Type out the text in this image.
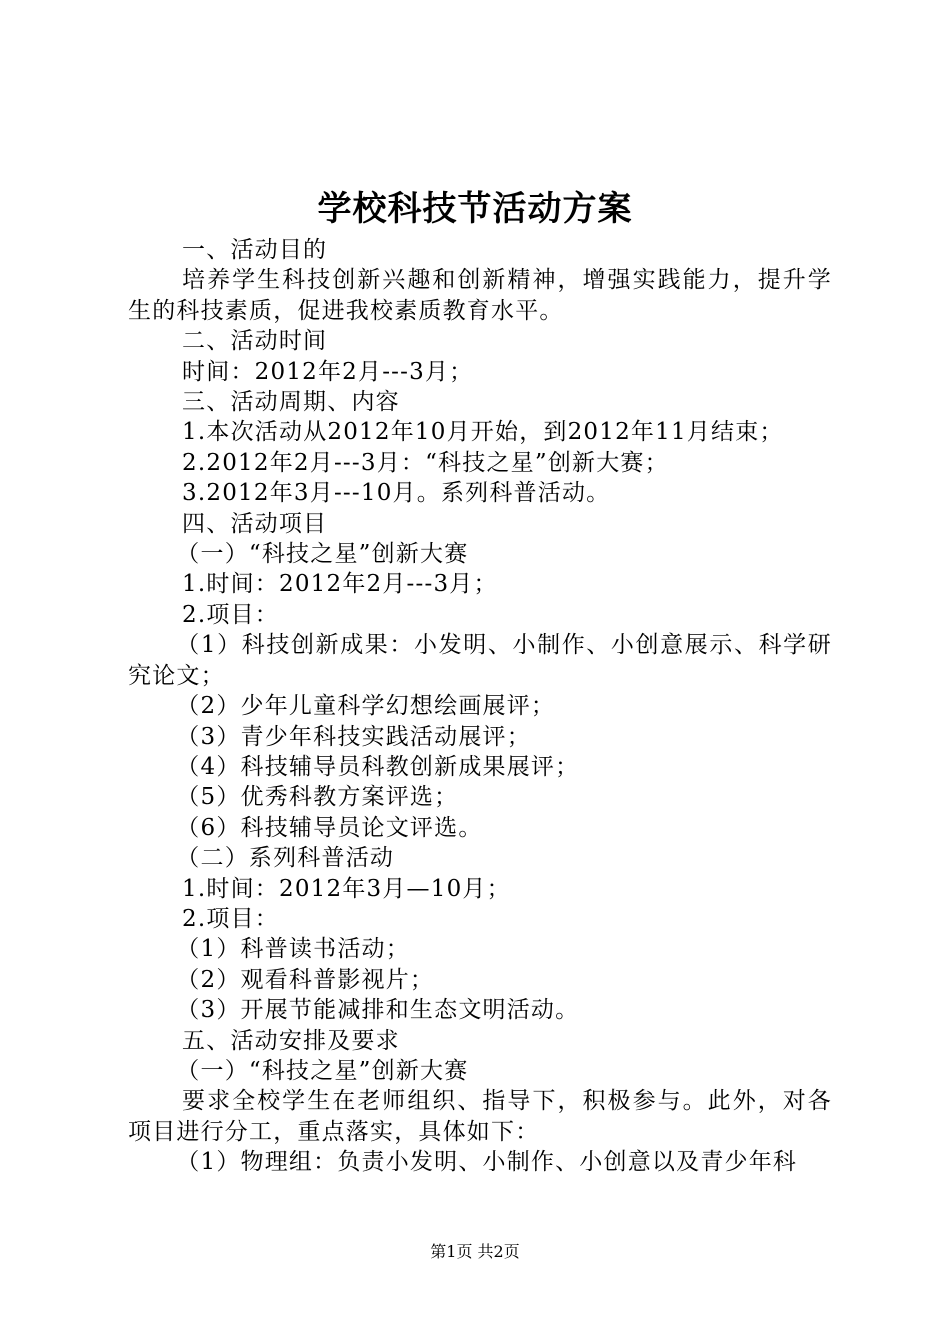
学校科技节活动方案

一、活动目的

培养学生科技创新兴趣和创新精神，增强实践能力，提升学生的科技素质，促进我校素质教育水平。

二、活动时间

时间：2012年2月---3月；

三、活动周期、内容

1.本次活动从2012年10月开始，到2012年11月结束；

2.2012年2月---3月：“科技之星”创新大赛；

3.2012年3月---10月。系列科普活动。

四、活动项目

（一）“科技之星”创新大赛

1.时间：2012年2月---3月；

2.项目：

（1）科技创新成果：小发明、小制作、小创意展示、科学研究论文；

（2）少年儿童科学幻想绘画展评；

（3）青少年科技实践活动展评；

（4）科技辅导员科教创新成果展评；

（5）优秀科教方案评选；

（6）科技辅导员论文评选。

（二）系列科普活动

1.时间：2012年3月—10月；

2.项目：

（1）科普读书活动；

（2）观看科普影视片；

（3）开展节能减排和生态文明活动。

五、活动安排及要求

（一）“科技之星”创新大赛

要求全校学生在老师组织、指导下，积极参与。此外，对各项目进行分工，重点落实，具体如下：

（1）物理组：负责小发明、小制作、小创意以及青少年科

第1页 共2页
